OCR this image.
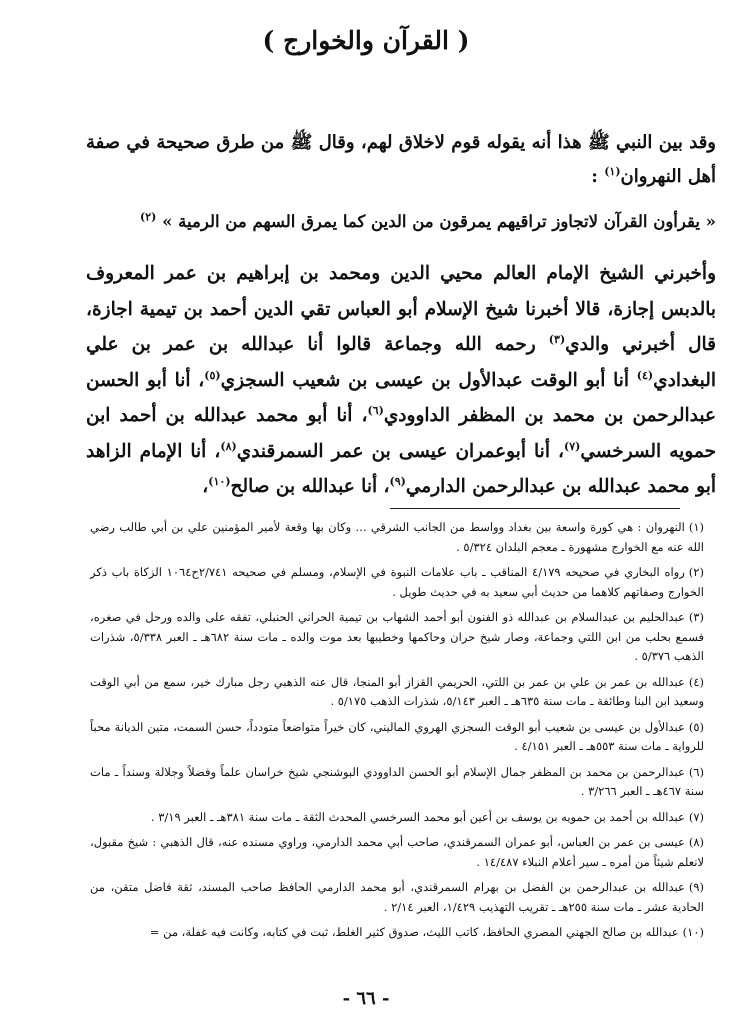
( القرآن والخوارج )

وقد بين النبي ﷺ هذا أنه يقوله قوم لاخلاق لهم، وقال ﷺ من طرق صحيحة في صفة أهل النهروان$^{(١)}$ :

« يقرأون القرآن لاتجاوز تراقيهم يمرقون من الدين كما يمرق السهم من الرمية » $^{(٢)}$

وأخبرني الشيخ الإمام العالم محيي الدين ومحمد بن إبراهيم بن عمر المعروف بالدبس إجازة، قالا أخبرنا شيخ الإسلام أبو العباس تقي الدين أحمد بن تيمية اجازة، قال أخبرني والدي$^{(٣)}$ رحمه الله وجماعة قالوا أنا عبدالله بن عمر بن علي البغدادي$^{(٤)}$ أنا أبو الوقت عبدالأول بن عيسى بن شعيب السجزي$^{(٥)}$، أنا أبو الحسن عبدالرحمن بن محمد بن المظفر الداوودي$^{(٦)}$، أنا أبو محمد عبدالله بن أحمد ابن حمويه السرخسي$^{(٧)}$، أنا أبوعمران عيسى بن عمر السمرقندي$^{(٨)}$، أنا الإمام الزاهد أبو محمد عبدالله بن عبدالرحمن الدارمي$^{(٩)}$، أنا عبدالله بن صالح$^{(١٠)}$،

(١)النهروان : هي كورة واسعة بين بغداد وواسط من الجانب الشرقي ... وكان بها وقعة لأمير المؤمنين علي بن أبي طالب رضي الله عنه مع الخوارج مشهورة ـ معجم البلدان ٥/٣٢٤ .
(٢)رواه البخاري في صحيحه ٤/١٧٩ المناقب ـ باب علامات النبوة في الإسلام، ومسلم في صحيحه ٢/٧٤١ح١٠٦٤ الزكاة باب ذكر الخوارج وصفاتهم كلاهما من حديث أبي سعيد به في حديث طويل .
(٣)عبدالحليم بن عبدالسلام بن عبدالله ذو الفنون أبو أحمد الشهاب بن تيمية الحراني الحنبلي، تفقه على والده ورحل في صغره، فسمع بحلب من ابن اللتي وجماعة، وصار شيخ حران وحاكمها وخطيبها بعد موت والده ـ مات سنة ٦٨٢هـ ـ العبر ٥/٣٣٨، شذرات الذهب ٥/٣٧٦ .
(٤)عبدالله بن عمر بن علي بن عمر بن اللتي، الحريمي القزاز أبو المنجا، قال عنه الذهبي رجل مبارك خير، سمع من أبي الوقت وسعيد ابن البنا وطائفة ـ مات سنة ٦٣٥هـ ـ العبر ٥/١٤٣، شذرات الذهب ٥/١٧٥ .
(٥)عبدالأول بن عيسى بن شعيب أبو الوقت السجزي الهروي الماليني، كان خيراً متواضعاً متودداً، حسن السمت، متين الديانة محباً للرواية ـ مات سنة ٥٥٣هـ ـ العبر ٤/١٥١ .
(٦)عبدالرحمن بن محمد بن المظفر جمال الإسلام أبو الحسن الداوودي البوشنجي شيخ خراسان علماً وفضلاً وجلالة وسنداً ـ مات سنة ٤٦٧هـ ـ العبر ٣/٢٦٦ .
(٧)عبدالله بن أحمد بن حمويه بن يوسف بن أعين أبو محمد السرخسي المحدث الثقة ـ مات سنة ٣٨١هـ ـ العبر ٣/١٩ .
(٨)عيسى بن عمر بن العباس، أبو عمران السمرقندي، صاحب أبي محمد الدارمي، وراوي مسنده عنه، قال الذهبي : شيخ مقبول، لانعلم شيئاً من أمره ـ سير أعلام النبلاء ١٤/٤٨٧ .
(٩)عبدالله بن عبدالرحمن بن الفضل بن بهرام السمرقندي، أبو محمد الدارمي الحافظ صاحب المسند، ثقة فاضل متقن، من الحادية عشر ـ مات سنة ٢٥٥هـ ـ تقريب التهذيب ١/٤٢٩، العبر ٢/١٤ .
(١٠)عبدالله بن صالح الجهني المصري الحافظ، كاتب الليث، صدوق كثير الغلط، ثبت في كتابه، وكانت فيه غفلة، من =
- ٦٦ -
